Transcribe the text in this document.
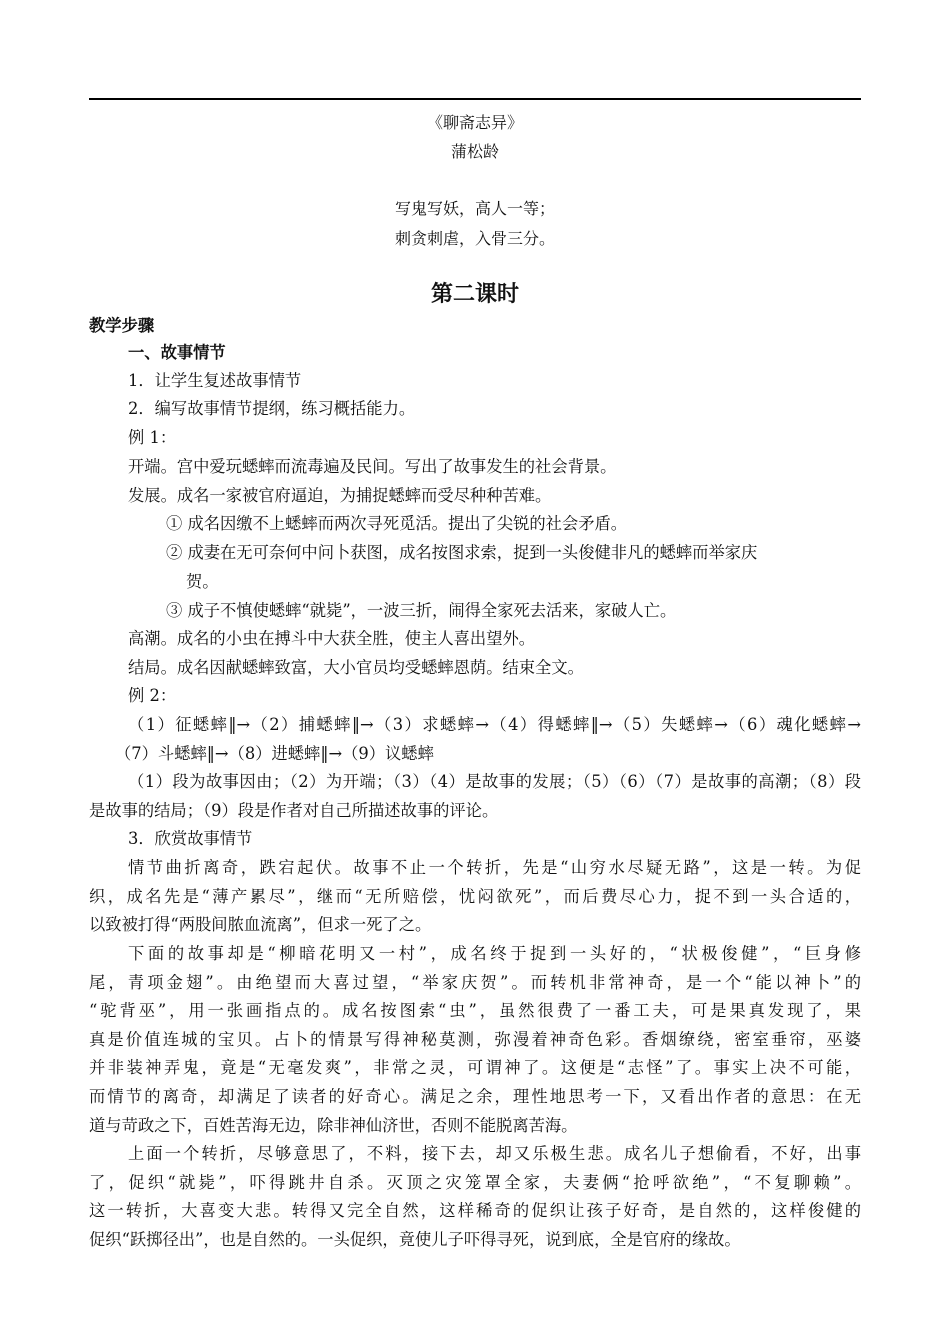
《聊斋志异》
蒲松龄
写鬼写妖，高人一等；
刺贪刺虐，入骨三分。
第二课时
教学步骤
一、故事情节
1．让学生复述故事情节
2．编写故事情节提纲，练习概括能力。
例 1：
开端。宫中爱玩蟋蟀而流毒遍及民间。写出了故事发生的社会背景。
发展。成名一家被官府逼迫，为捕捉蟋蟀而受尽种种苦难。
① 成名因缴不上蟋蟀而两次寻死觅活。提出了尖锐的社会矛盾。
② 成妻在无可奈何中问卜获图，成名按图求索，捉到一头俊健非凡的蟋蟀而举家庆
贺。
③ 成子不慎使蟋蟀“就毙”，一波三折，闹得全家死去活来，家破人亡。
高潮。成名的小虫在搏斗中大获全胜，使主人喜出望外。
结局。成名因献蟋蟀致富，大小官员均受蟋蟀恩荫。结束全文。
例 2：
（1）征蟋蟀‖→（2）捕蟋蟀‖→（3）求蟋蟀→（4）得蟋蟀‖→（5）失蟋蟀→（6）魂化蟋蟀→
（7）斗蟋蟀‖→（8）进蟋蟀‖→（9）议蟋蟀
（1）段为故事因由；（2）为开端；（3）（4）是故事的发展；（5）（6）（7）是故事的高潮；（8）段
是故事的结局；（9）段是作者对自己所描述故事的评论。
3．欣赏故事情节
情节曲折离奇，跌宕起伏。故事不止一个转折，先是“山穷水尽疑无路”，这是一转。为促
织，成名先是“薄产累尽”，继而“无所赔偿，忧闷欲死”，而后费尽心力，捉不到一头合适的，
以致被打得“两股间脓血流离”，但求一死了之。
下面的故事却是“柳暗花明又一村”，成名终于捉到一头好的，“状极俊健”，“巨身修
尾，青项金翅”。由绝望而大喜过望，“举家庆贺”。而转机非常神奇，是一个“能以神卜”的
“驼背巫”，用一张画指点的。成名按图索“虫”，虽然很费了一番工夫，可是果真发现了，果
真是价值连城的宝贝。占卜的情景写得神秘莫测，弥漫着神奇色彩。香烟缭绕，密室垂帘，巫婆
并非装神弄鬼，竟是“无毫发爽”，非常之灵，可谓神了。这便是“志怪”了。事实上决不可能，
而情节的离奇，却满足了读者的好奇心。满足之余，理性地思考一下，又看出作者的意思：在无
道与苛政之下，百姓苦海无边，除非神仙济世，否则不能脱离苦海。
上面一个转折，尽够意思了，不料，接下去，却又乐极生悲。成名儿子想偷看，不好，出事
了，促织“就毙”，吓得跳井自杀。灭顶之灾笼罩全家，夫妻俩“抢呼欲绝”，“不复聊赖”。
这一转折，大喜变大悲。转得又完全自然，这样稀奇的促织让孩子好奇，是自然的，这样俊健的
促织“跃掷径出”，也是自然的。一头促织，竟使儿子吓得寻死，说到底，全是官府的缘故。
